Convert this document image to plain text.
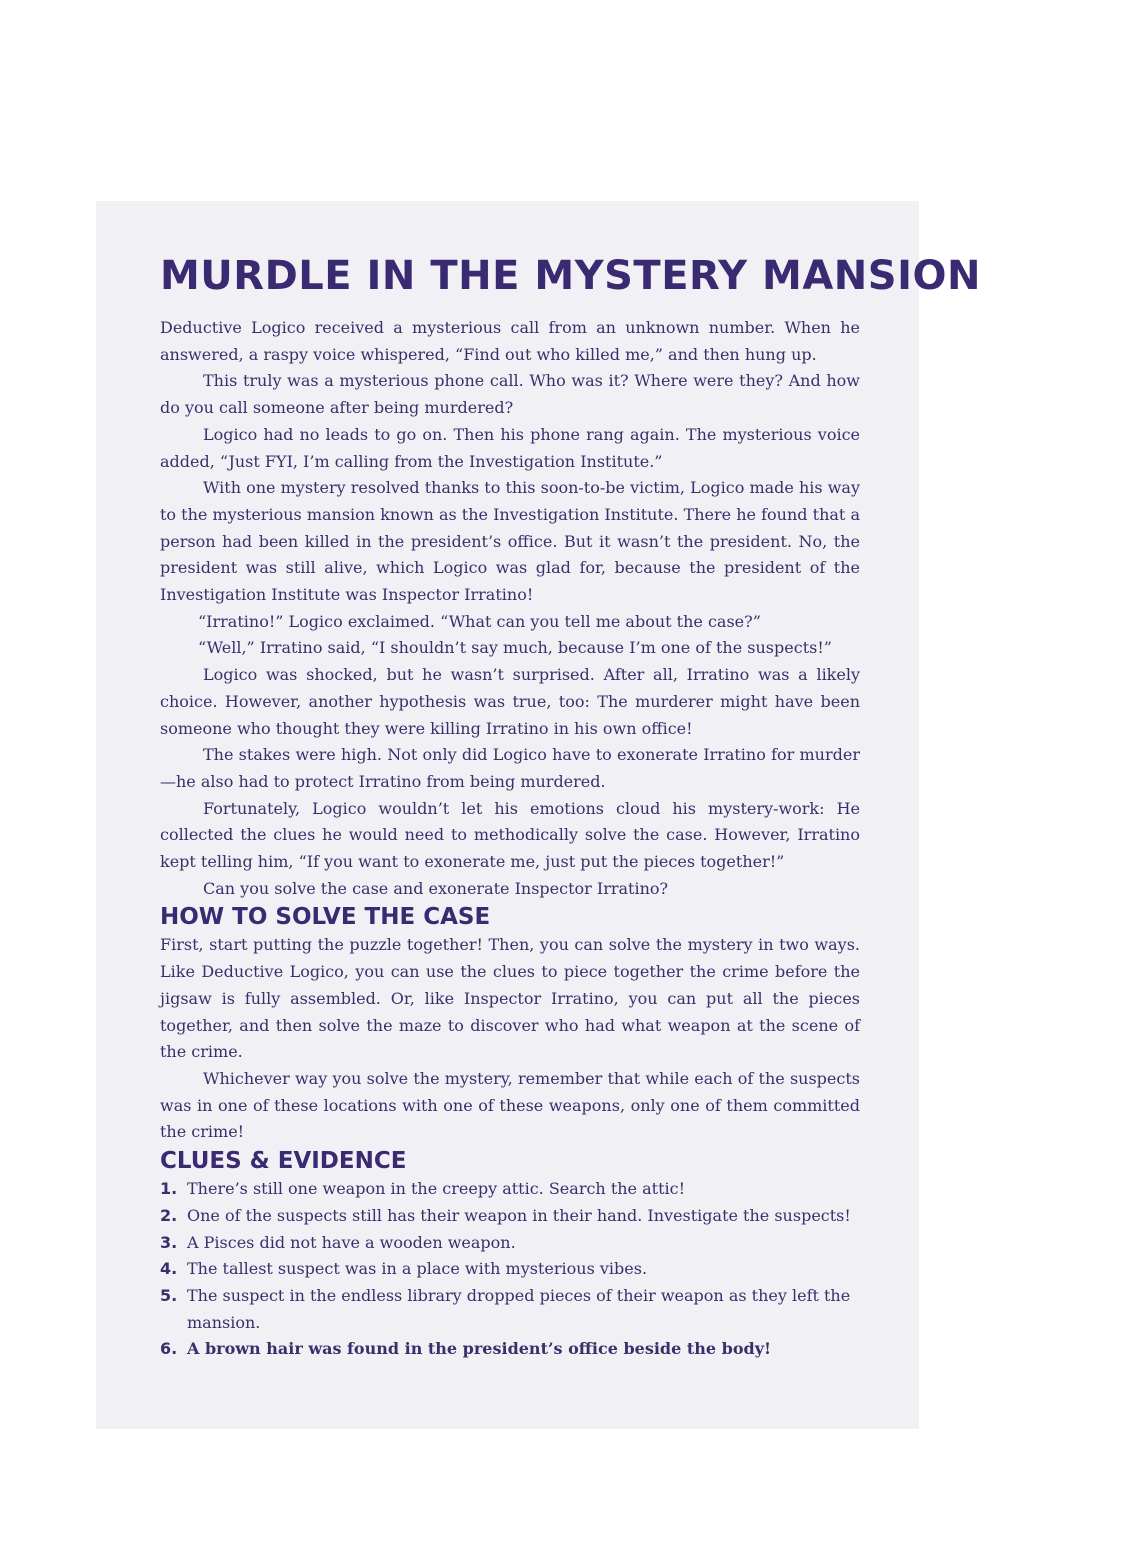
MURDLE IN THE MYSTERY MANSION

Deductive Logico received a mysterious call from an unknown number. When he answered, a raspy voice whispered, “Find out who killed me,” and then hung up.

This truly was a mysterious phone call. Who was it? Where were they? And how do you call someone after being murdered?

Logico had no leads to go on. Then his phone rang again. The mysterious voice added, “Just FYI, I’m calling from the Investigation Institute.”

With one mystery resolved thanks to this soon-to-be victim, Logico made his way to the mysterious mansion known as the Investigation Institute. There he found that a person had been killed in the president’s office. But it wasn’t the president. No, the president was still alive, which Logico was glad for, because the president of the Investigation Institute was Inspector Irratino!

“Irratino!” Logico exclaimed. “What can you tell me about the case?”

“Well,” Irratino said, “I shouldn’t say much, because I’m one of the suspects!”

Logico was shocked, but he wasn’t surprised. After all, Irratino was a likely choice. However, another hypothesis was true, too: The murderer might have been someone who thought they were killing Irratino in his own office!

The stakes were high. Not only did Logico have to exonerate Irratino for murder—he also had to protect Irratino from being murdered.

Fortunately, Logico wouldn’t let his emotions cloud his mystery-work: He collected the clues he would need to methodically solve the case. However, Irratino kept telling him, “If you want to exonerate me, just put the pieces together!”

Can you solve the case and exonerate Inspector Irratino?

HOW TO SOLVE THE CASE

First, start putting the puzzle together! Then, you can solve the mystery in two ways. Like Deductive Logico, you can use the clues to piece together the crime before the jigsaw is fully assembled. Or, like Inspector Irratino, you can put all the pieces together, and then solve the maze to discover who had what weapon at the scene of the crime.

Whichever way you solve the mystery, remember that while each of the suspects was in one of these locations with one of these weapons, only one of them committed the crime!

CLUES & EVIDENCE
1. There’s still one weapon in the creepy attic. Search the attic!
2. One of the suspects still has their weapon in their hand. Investigate the suspects!
3. A Pisces did not have a wooden weapon.
4. The tallest suspect was in a place with mysterious vibes.
5. The suspect in the endless library dropped pieces of their weapon as they left the mansion.
6. A brown hair was found in the president’s office beside the body!
